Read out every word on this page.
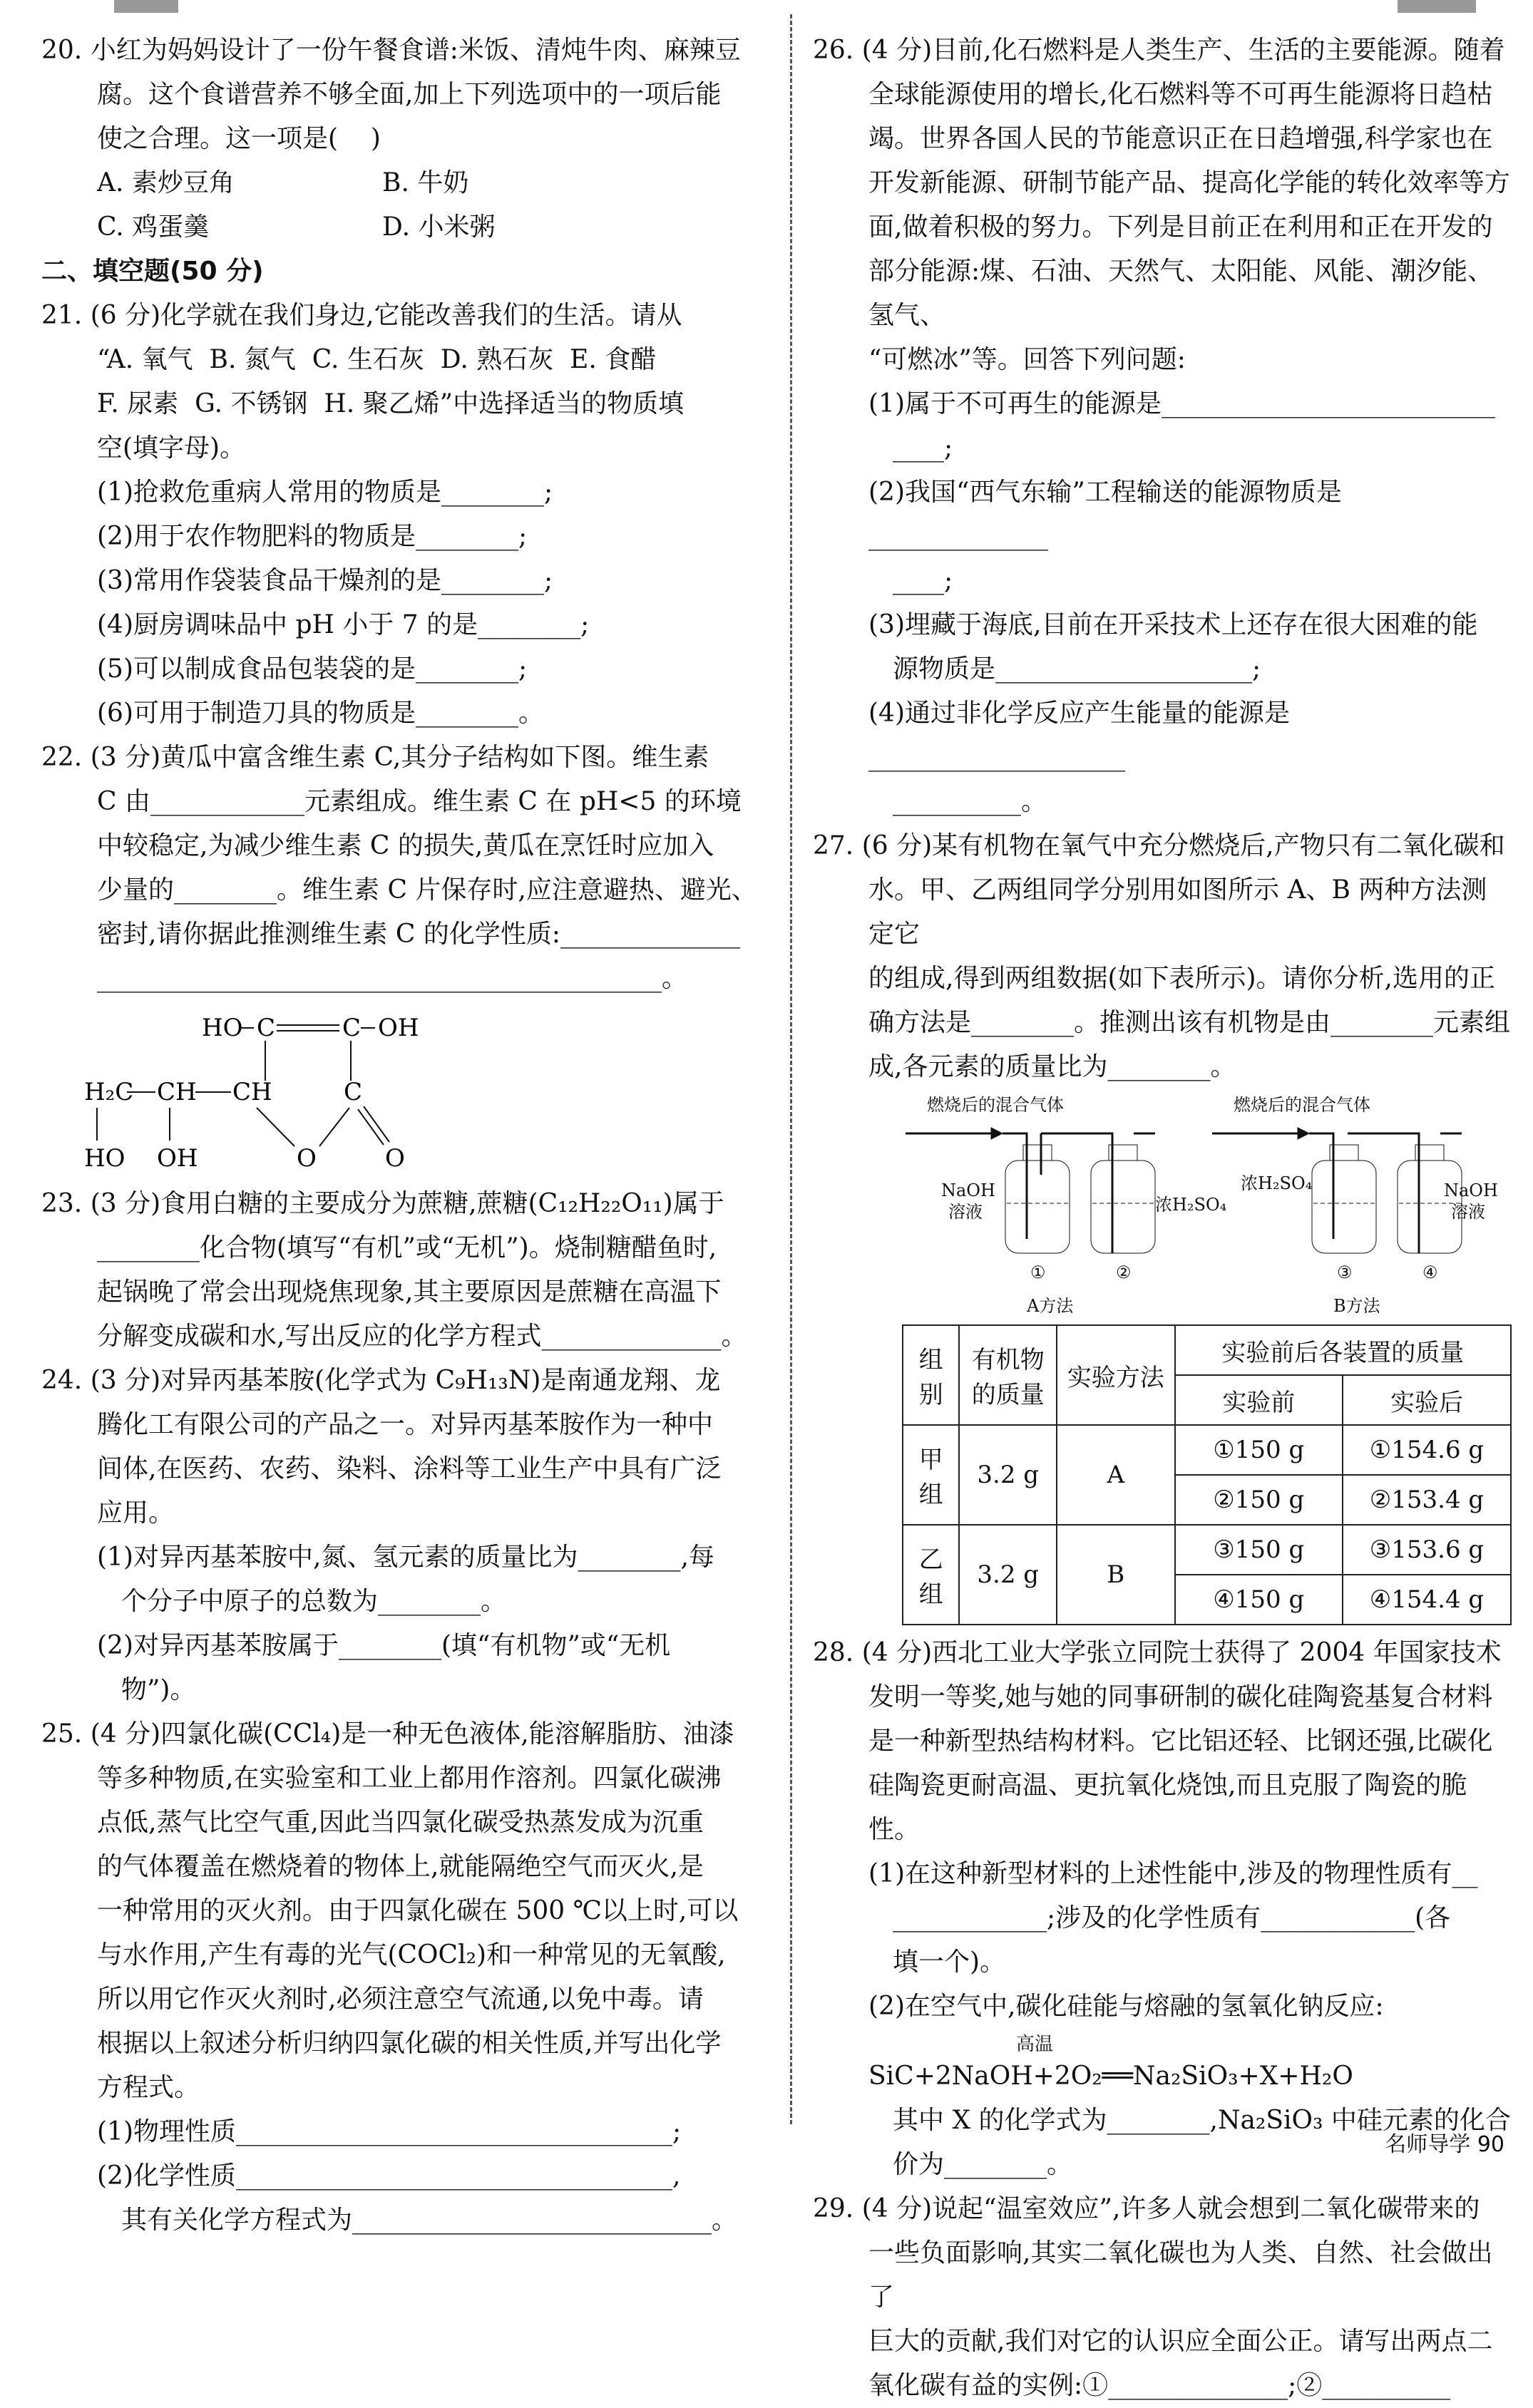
20. 小红为妈妈设计了一份午餐食谱:米饭、清炖牛肉、麻辣豆

腐。这个食谱营养不够全面,加上下列选项中的一项后能

使之合理。这一项是(    )

A. 素炒豆角	B. 牛奶
C. 鸡蛋羹	D. 小米粥

二、填空题(50 分)

21. (6 分)化学就在我们身边,它能改善我们的生活。请从

“A. 氧气  B. 氮气  C. 生石灰  D. 熟石灰  E. 食醋

F. 尿素  G. 不锈钢  H. 聚乙烯”中选择适当的物质填

空(填字母)。

(1)抢救危重病人常用的物质是________;

(2)用于农作物肥料的物质是________;

(3)常用作袋装食品干燥剂的是________;

(4)厨房调味品中 pH 小于 7 的是________;

(5)可以制成食品包装袋的是________;

(6)可用于制造刀具的物质是________。

22. (3 分)黄瓜中富含维生素 C,其分子结构如下图。维生素

C 由____________元素组成。维生素 C 在 pH<5 的环境

中较稳定,为减少维生素 C 的损失,黄瓜在烹饪时应加入

少量的________。维生素 C 片保存时,应注意避热、避光、

密封,请你据此推测维生素 C 的化学性质:______________

____________________________________________。

HO C	C OH
H₂C CH CH	C
HO OH	O	O

23. (3 分)食用白糖的主要成分为蔗糖,蔗糖(C₁₂H₂₂O₁₁)属于

________化合物(填写“有机”或“无机”)。烧制糖醋鱼时,

起锅晚了常会出现烧焦现象,其主要原因是蔗糖在高温下

分解变成碳和水,写出反应的化学方程式______________。

24. (3 分)对异丙基苯胺(化学式为 C₉H₁₃N)是南通龙翔、龙

腾化工有限公司的产品之一。对异丙基苯胺作为一种中

间体,在医药、农药、染料、涂料等工业生产中具有广泛

应用。

(1)对异丙基苯胺中,氮、氢元素的质量比为________,每

个分子中原子的总数为________。

(2)对异丙基苯胺属于________(填“有机物”或“无机

物”)。

25. (4 分)四氯化碳(CCl₄)是一种无色液体,能溶解脂肪、油漆

等多种物质,在实验室和工业上都用作溶剂。四氯化碳沸

点低,蒸气比空气重,因此当四氯化碳受热蒸发成为沉重

的气体覆盖在燃烧着的物体上,就能隔绝空气而灭火,是

一种常用的灭火剂。由于四氯化碳在 500 ℃以上时,可以

与水作用,产生有毒的光气(COCl₂)和一种常见的无氧酸,

所以用它作灭火剂时,必须注意空气流通,以免中毒。请

根据以上叙述分析归纳四氯化碳的相关性质,并写出化学

方程式。

(1)物理性质__________________________________;

(2)化学性质__________________________________,

其有关化学方程式为____________________________。

26. (4 分)目前,化石燃料是人类生产、生活的主要能源。随着

全球能源使用的增长,化石燃料等不可再生能源将日趋枯

竭。世界各国人民的节能意识正在日趋增强,科学家也在

开发新能源、研制节能产品、提高化学能的转化效率等方

面,做着积极的努力。下列是目前正在利用和正在开发的

部分能源:煤、石油、天然气、太阳能、风能、潮汐能、氢气、

“可燃冰”等。回答下列问题:

(1)属于不可再生的能源是__________________________

____;

(2)我国“西气东输”工程输送的能源物质是______________

____;

(3)埋藏于海底,目前在开采技术上还存在很大困难的能

源物质是____________________;

(4)通过非化学反应产生能量的能源是____________________

__________。

27. (6 分)某有机物在氧气中充分燃烧后,产物只有二氧化碳和

水。甲、乙两组同学分别用如图所示 A、B 两种方法测定它

的组成,得到两组数据(如下表所示)。请你分析,选用的正

确方法是________。推测出该有机物是由________元素组

成,各元素的质量比为________。

燃烧后的混合气体
NaOH
溶液	浓H₂SO₄
①	②
A方法
燃烧后的混合气体
浓H₂SO₄	NaOH
溶液
③	④
B方法
组别	有机物的质量	实验方法	实验前后各装置的质量	
			实验前	实验后
甲组	3.2 g	A	①150 g	①154.6 g
			②150 g	②153.4 g
乙组	3.2 g	B	③150 g	③153.6 g
			④150 g	④154.4 g

28. (4 分)西北工业大学张立同院士获得了 2004 年国家技术

发明一等奖,她与她的同事研制的碳化硅陶瓷基复合材料

是一种新型热结构材料。它比铝还轻、比钢还强,比碳化

硅陶瓷更耐高温、更抗氧化烧蚀,而且克服了陶瓷的脆性。

(1)在这种新型材料的上述性能中,涉及的物理性质有__

____________;涉及的化学性质有____________(各

填一个)。

(2)在空气中,碳化硅能与熔融的氢氧化钠反应:

高温

SiC+2NaOH+2O₂══Na₂SiO₃+X+H₂O

其中 X 的化学式为________,Na₂SiO₃ 中硅元素的化合

价为________。

29. (4 分)说起“温室效应”,许多人就会想到二氧化碳带来的

一些负面影响,其实二氧化碳也为人类、自然、社会做出了

巨大的贡献,我们对它的认识应全面公正。请写出两点二

氧化碳有益的实例:①______________;②__________

名师导学 90
